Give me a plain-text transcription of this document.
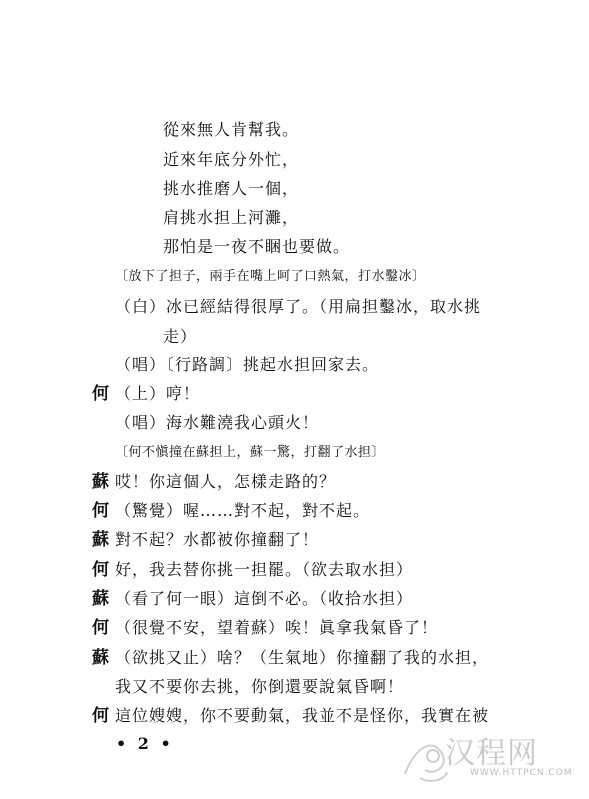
從來無人肯幫我。
近來年底分外忙，
挑水推磨人一個，
肩挑水担上河灘，
那怕是一夜不睏也要做。
〔放下了担子，兩手在嘴上呵了口熱氣，打水鑿冰〕
（白）冰已經結得很厚了。（用扁担鑿冰，取水挑
走）
（唱）〔行路調〕挑起水担回家去。
何 （上）哼！
（唱）海水難澆我心頭火！
〔何不愼撞在蘇担上，蘇一驚，打翻了水担〕
蘇 哎！你這個人，怎樣走路的？
何 （驚覺）喔……對不起，對不起。
蘇 對不起？水都被你撞翻了！
何 好，我去替你挑一担罷。（欲去取水担）
蘇 （看了何一眼）這倒不必。（收拾水担）
何 （很覺不安，望着蘇）唉！眞拿我氣昏了！
蘇 （欲挑又止）啥？（生氣地）你撞翻了我的水担，
我又不要你去挑，你倒還要說氣昏啊！
何 這位嫂嫂，你不要動氣，我並不是怪你，我實在被
• 2 •	汉程网
WWW.HTTPCN.COM
